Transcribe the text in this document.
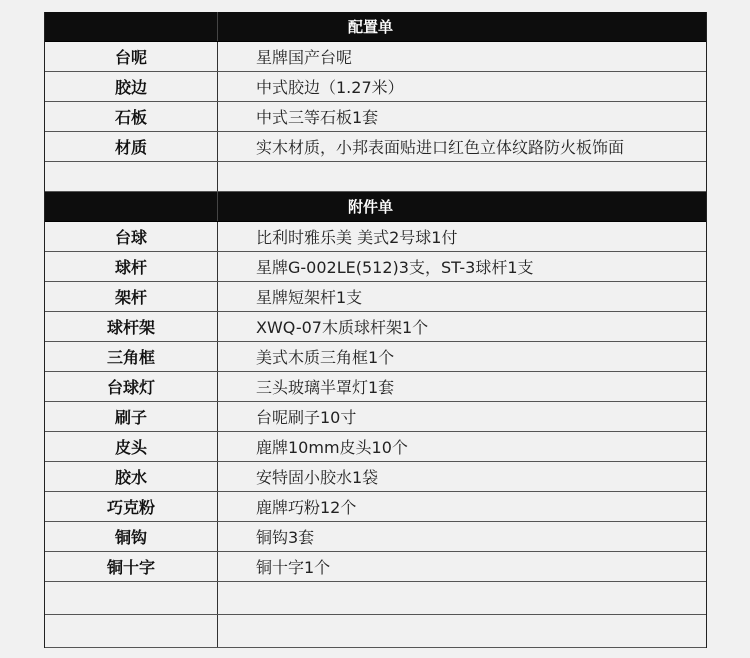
配置单
台呢	星牌国产台呢
胶边	中式胶边（1.27米）
石板	中式三等石板1套
材质	实木材质，小邦表面贴进口红色立体纹路防火板饰面
附件单
台球	比利时雅乐美 美式2号球1付
球杆	星牌G-002LE(512)3支，ST-3球杆1支
架杆	星牌短架杆1支
球杆架	XWQ-07木质球杆架1个
三角框	美式木质三角框1个
台球灯	三头玻璃半罩灯1套
刷子	台呢刷子10寸
皮头	鹿牌10mm皮头10个
胶水	安特固小胶水1袋
巧克粉	鹿牌巧粉12个
铜钩	铜钩3套
铜十字	铜十字1个
